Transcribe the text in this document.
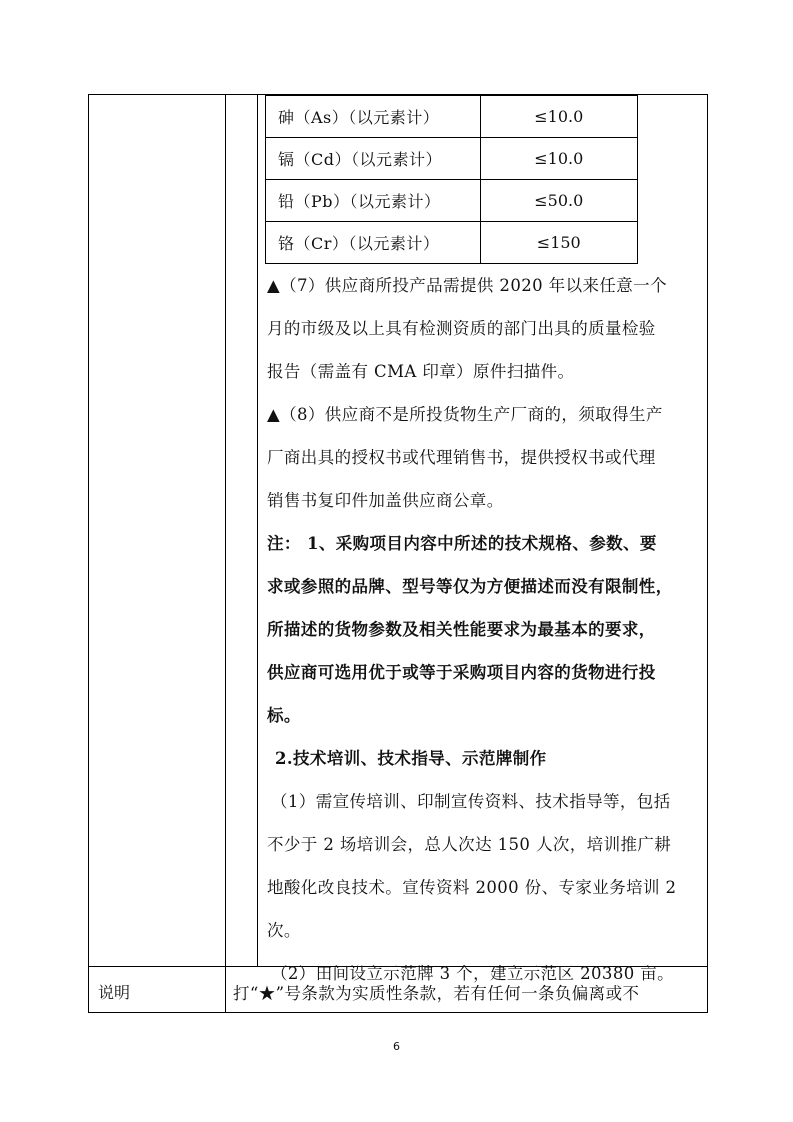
砷（As）（以元素计）	≤10.0
镉（Cd）（以元素计）	≤10.0
铅（Pb）（以元素计）	≤50.0
铬（Cr）（以元素计）	≤150

▲（7）供应商所投产品需提供 2020 年以来任意一个

月的市级及以上具有检测资质的部门出具的质量检验

报告（需盖有 CMA 印章）原件扫描件。

▲（8）供应商不是所投货物生产厂商的，须取得生产

厂商出具的授权书或代理销售书，提供授权书或代理

销售书复印件加盖供应商公章。

注： 1、采购项目内容中所述的技术规格、参数、要

求或参照的品牌、型号等仅为方便描述而没有限制性，

所描述的货物参数及相关性能要求为最基本的要求，

供应商可选用优于或等于采购项目内容的货物进行投

标。

2.技术培训、技术指导、示范牌制作

（1）需宣传培训、印制宣传资料、技术指导等，包括

不少于 2 场培训会，总人次达 150 人次，培训推广耕

地酸化改良技术。宣传资料 2000 份、专家业务培训 2

次。

（2）田间设立示范牌 3 个，建立示范区 20380 亩。

说明	打“★”号条款为实质性条款，若有任何一条负偏离或不
6
